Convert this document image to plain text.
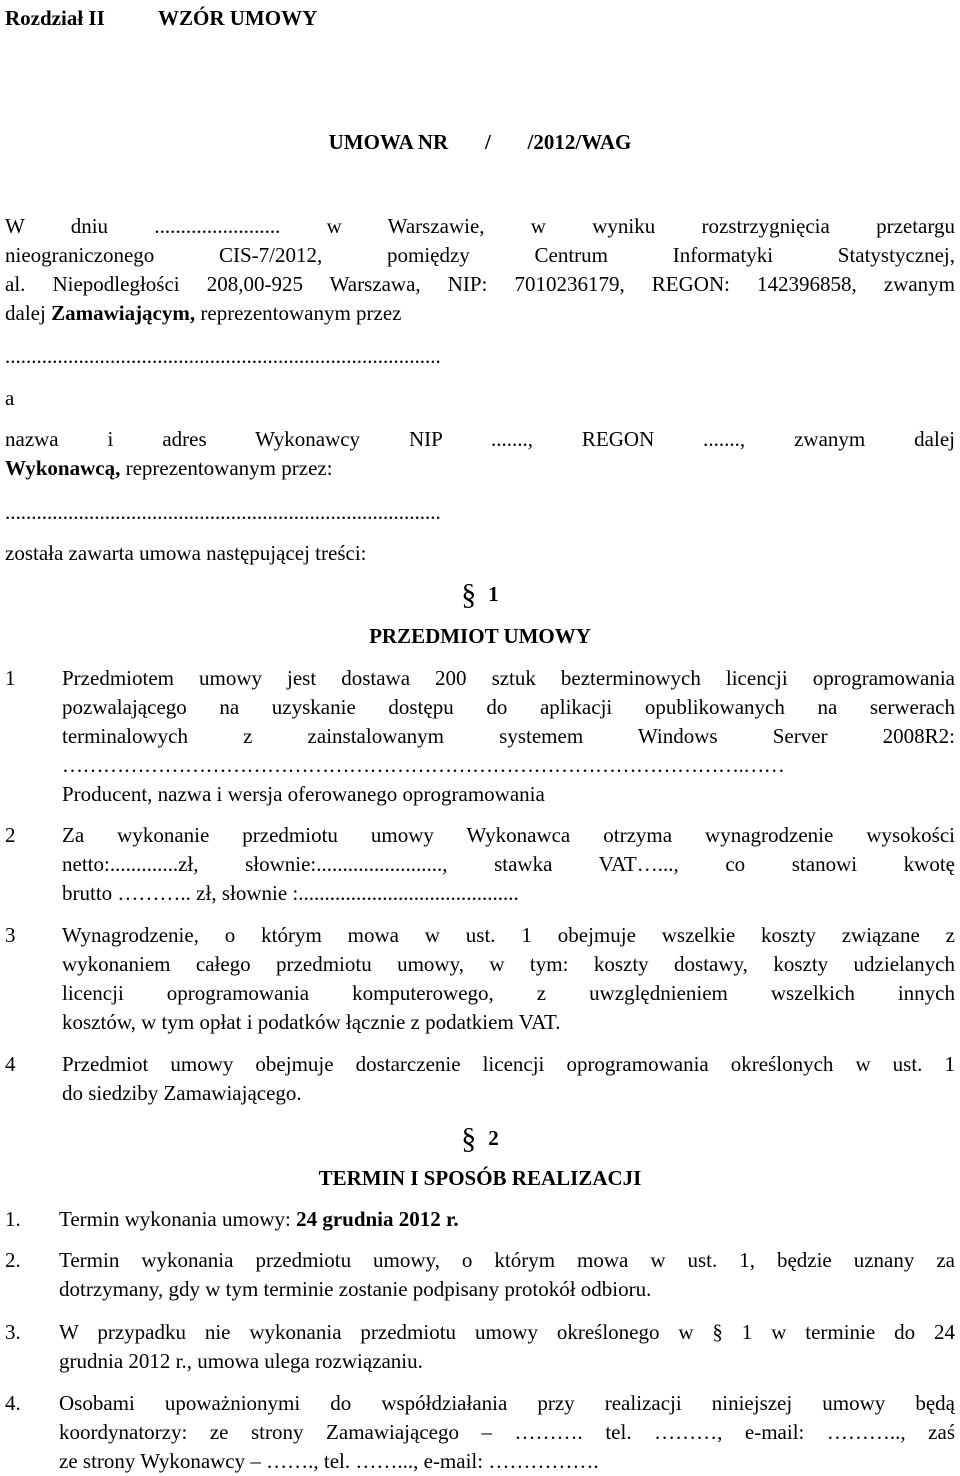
Rozdział II	WZÓR UMOWY
UMOWA NR       /       /2012/WAG
W dniu ........................ w Warszawie, w wyniku rozstrzygnięcia przetargu
nieograniczonego CIS-7/2012, pomiędzy Centrum Informatyki Statystycznej,
al. Niepodległości 208,00-925 Warszawa, NIP: 7010236179, REGON: 142396858, zwanym
dalej Zamawiającym, reprezentowanym przez
...................................................................................
a
nazwa i adres Wykonawcy NIP ......., REGON ......., zwanym dalej
Wykonawcą, reprezentowanym przez:
...................................................................................
została zawarta umowa następującej treści:
§ 1
PRZEDMIOT UMOWY
1 Przedmiotem umowy jest dostawa 200 sztuk bezterminowych licencji oprogramowania
pozwalającego na uzyskanie dostępu do aplikacji opublikowanych na serwerach
terminalowych z zainstalowanym systemem Windows Server 2008R2:
……………………………………………………………………………………….……
Producent, nazwa i wersja oferowanego oprogramowania
2 Za wykonanie przedmiotu umowy Wykonawca otrzyma wynagrodzenie wysokości
netto:.............zł, słownie:........................, stawka VAT…..., co stanowi kwotę
brutto ……….. zł, słownie :..........................................
3 Wynagrodzenie, o którym mowa w ust. 1 obejmuje wszelkie koszty związane z
wykonaniem całego przedmiotu umowy, w tym: koszty dostawy, koszty udzielanych
licencji oprogramowania komputerowego, z uwzględnieniem wszelkich innych
kosztów, w tym opłat i podatków łącznie z podatkiem VAT.
4 Przedmiot umowy obejmuje dostarczenie licencji oprogramowania określonych w ust. 1
do siedziby Zamawiającego.
§ 2
TERMIN I SPOSÓB REALIZACJI
1. Termin wykonania umowy: 24 grudnia 2012 r.
2. Termin wykonania przedmiotu umowy, o którym mowa w ust. 1, będzie uznany za
dotrzymany, gdy w tym terminie zostanie podpisany protokół odbioru.
3. W przypadku nie wykonania przedmiotu umowy określonego w § 1 w terminie do 24
grudnia 2012 r., umowa ulega rozwiązaniu.
4. Osobami upoważnionymi do współdziałania przy realizacji niniejszej umowy będą
koordynatorzy: ze strony Zamawiającego – ………. tel. ………, e-mail: ……….., zaś
ze strony Wykonawcy – ……., tel. ……..., e-mail: …………….
